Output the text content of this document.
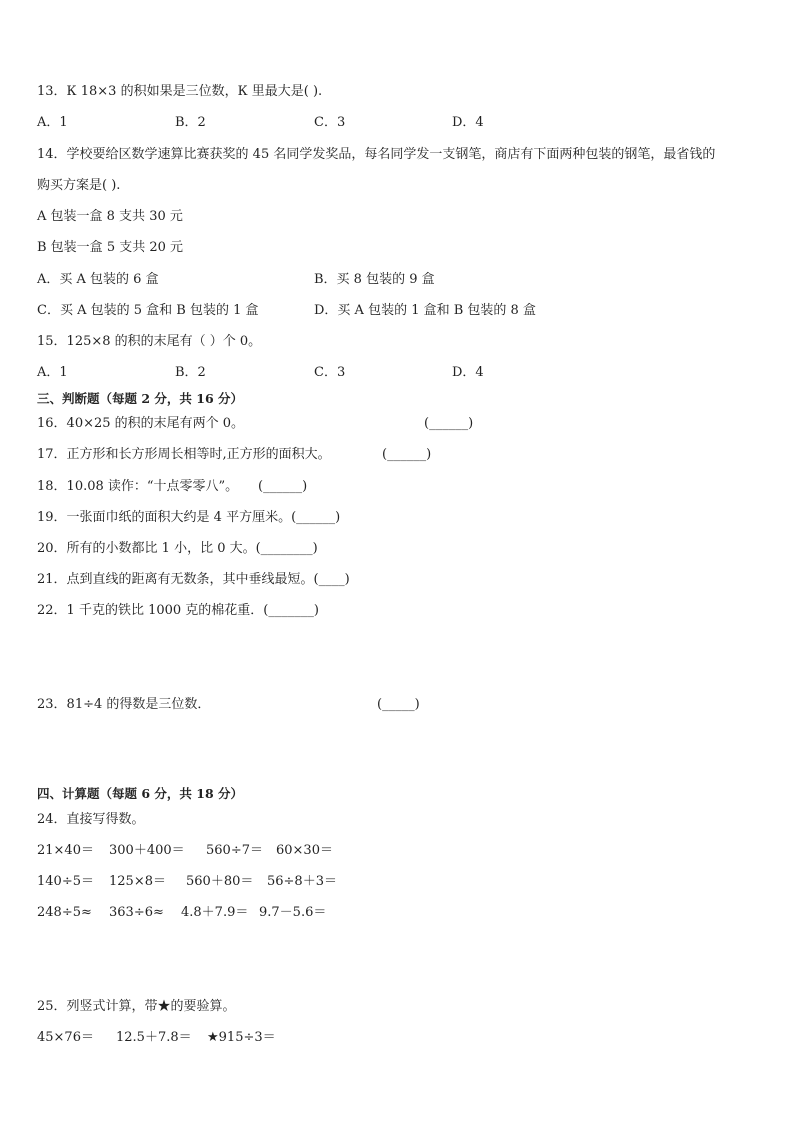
13．К 18×3 的积如果是三位数，К 里最大是( ).
A．1	B．2	C．3	D．4
14．学校要给区数学速算比赛获奖的 45 名同学发奖品，每名同学发一支钢笔，商店有下面两种包装的钢笔，最省钱的
购买方案是( ).
A 包装一盒 8 支共 30 元
B 包装一盒 5 支共 20 元
A．买 A 包装的 6 盒	B．买 8 包装的 9 盒
C．买 A 包装的 5 盒和 B 包装的 1 盒	D．买 A 包装的 1 盒和 B 包装的 8 盒
15．125×8 的积的末尾有（ ）个 0。
A．1	B．2	C．3	D．4
三、判断题（每题 2 分，共 16 分）
16．40×25 的积的末尾有两个 0。	(______)
17．正方形和长方形周长相等时,正方形的面积大。	(______)
18．10.08 读作：“十点零零八”。 (______)
19．一张面巾纸的面积大约是 4 平方厘米。(______)
20．所有的小数都比 1 小，比 0 大。(________)
21．点到直线的距离有无数条，其中垂线最短。(____)
22．1 千克的铁比 1000 克的棉花重．(_______)
23．81÷4 的得数是三位数．	(_____)
四、计算题（每题 6 分，共 18 分）
24．直接写得数。
21×40＝ 300＋400＝ 560÷7＝ 60×30＝
140÷5＝ 125×8＝ 560＋80＝ 56÷8＋3＝
248÷5≈ 363÷6≈ 4.8＋7.9＝ 9.7－5.6＝
25．列竖式计算，带★的要验算。
45×76＝ 12.5＋7.8＝ ★915÷3＝
